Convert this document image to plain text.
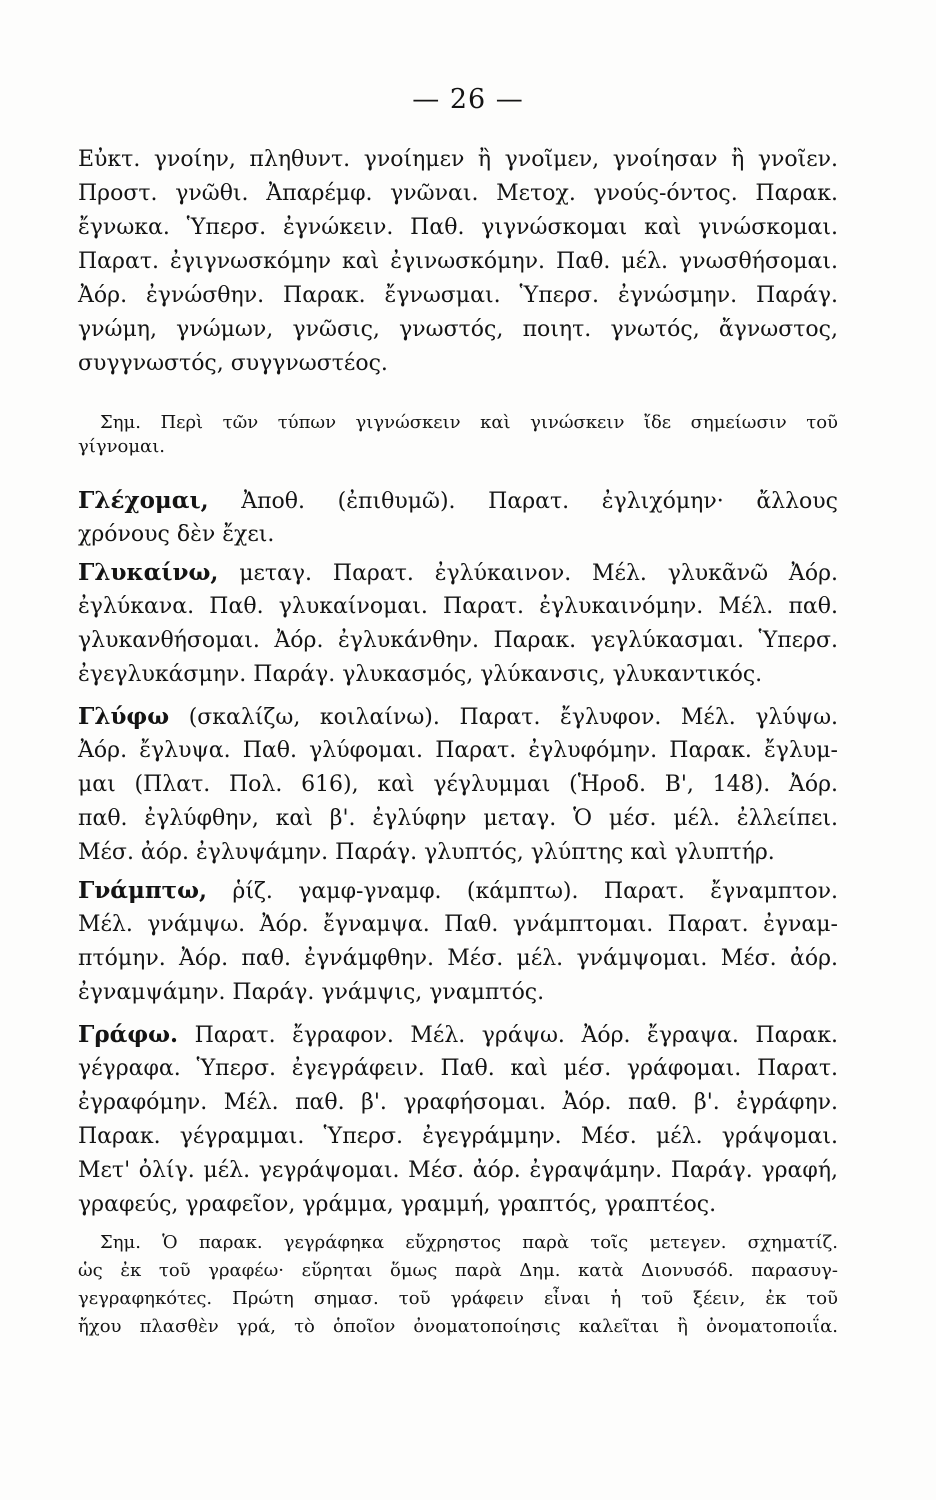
— 26 —
Εὐκτ. γνοίην, πληθυντ. γνοίημεν ἢ γνοῖμεν, γνοίησαν ἢ γνοῖεν.
Προστ. γνῶθι. Ἀπαρέμφ. γνῶναι. Μετοχ. γνούς-όντος. Παρακ.
ἔγνωκα. Ὑπερσ. ἐγνώκειν. Παθ. γιγνώσκομαι καὶ γινώσκομαι.
Παρατ. ἐγιγνωσκόμην καὶ ἐγινωσκόμην. Παθ. μέλ. γνωσθήσομαι.
Ἀόρ. ἐγνώσθην. Παρακ. ἔγνωσμαι. Ὑπερσ. ἐγνώσμην. Παράγ.
γνώμη, γνώμων, γνῶσις, γνωστός, ποιητ. γνωτός, ἄγνωστος,
συγγνωστός, συγγνωστέος.
Σημ. Περὶ τῶν τύπων γιγνώσκειν καὶ γινώσκειν ἴδε σημείωσιν τοῦ
γίγνομαι.
Γλέχομαι, Ἀποθ. (ἐπιθυμῶ). Παρατ. ἐγλιχόμην· ἄλλους
χρόνους δὲν ἔχει.
Γλυκαίνω, μεταγ. Παρατ. ἐγλύκαινον. Μέλ. γλυκᾶνῶ Ἀόρ.
ἐγλύκανα. Παθ. γλυκαίνομαι. Παρατ. ἐγλυκαινόμην. Μέλ. παθ.
γλυκανθήσομαι. Ἀόρ. ἐγλυκάνθην. Παρακ. γεγλύκασμαι. Ὑπερσ.
ἐγεγλυκάσμην. Παράγ. γλυκασμός, γλύκανσις, γλυκαντικός.
Γλύφω (σκαλίζω, κοιλαίνω). Παρατ. ἔγλυφον. Μέλ. γλύψω.
Ἀόρ. ἔγλυψα. Παθ. γλύφομαι. Παρατ. ἐγλυφόμην. Παρακ. ἔγλυμ-
μαι (Πλατ. Πολ. 616), καὶ γέγλυμμαι (Ἡροδ. Β', 148). Ἀόρ.
παθ. ἐγλύφθην, καὶ β'. ἐγλύφην μεταγ. Ὁ μέσ. μέλ. ἐλλείπει.
Μέσ. ἀόρ. ἐγλυψάμην. Παράγ. γλυπτός, γλύπτης καὶ γλυπτήρ.
Γνάμπτω, ῥίζ. γαμφ-γναμφ. (κάμπτω). Παρατ. ἔγναμπτον.
Μέλ. γνάμψω. Ἀόρ. ἔγναμψα. Παθ. γνάμπτομαι. Παρατ. ἐγναμ-
πτόμην. Ἀόρ. παθ. ἐγνάμφθην. Μέσ. μέλ. γνάμψομαι. Μέσ. ἀόρ.
ἐγναμψάμην. Παράγ. γνάμψις, γναμπτός.
Γράφω. Παρατ. ἔγραφον. Μέλ. γράψω. Ἀόρ. ἔγραψα. Παρακ.
γέγραφα. Ὑπερσ. ἐγεγράφειν. Παθ. καὶ μέσ. γράφομαι. Παρατ.
ἐγραφόμην. Μέλ. παθ. β'. γραφήσομαι. Ἀόρ. παθ. β'. ἐγράφην.
Παρακ. γέγραμμαι. Ὑπερσ. ἐγεγράμμην. Μέσ. μέλ. γράψομαι.
Μετ' ὀλίγ. μέλ. γεγράψομαι. Μέσ. ἀόρ. ἐγραψάμην. Παράγ. γραφή,
γραφεύς, γραφεῖον, γράμμα, γραμμή, γραπτός, γραπτέος.
Σημ. Ὁ παρακ. γεγράφηκα εὔχρηστος παρὰ τοῖς μετεγεν. σχηματίζ.
ὡς ἐκ τοῦ γραφέω· εὕρηται ὅμως παρὰ Δημ. κατὰ Διονυσόδ. παρασυγ-
γεγραφηκότες. Πρώτη σημασ. τοῦ γράφειν εἶναι ἡ τοῦ ξέειν, ἐκ τοῦ
ἤχου πλασθὲν γρά, τὸ ὁποῖον ὀνοματοποίησις καλεῖται ἢ ὀνοματοποιΐα.
